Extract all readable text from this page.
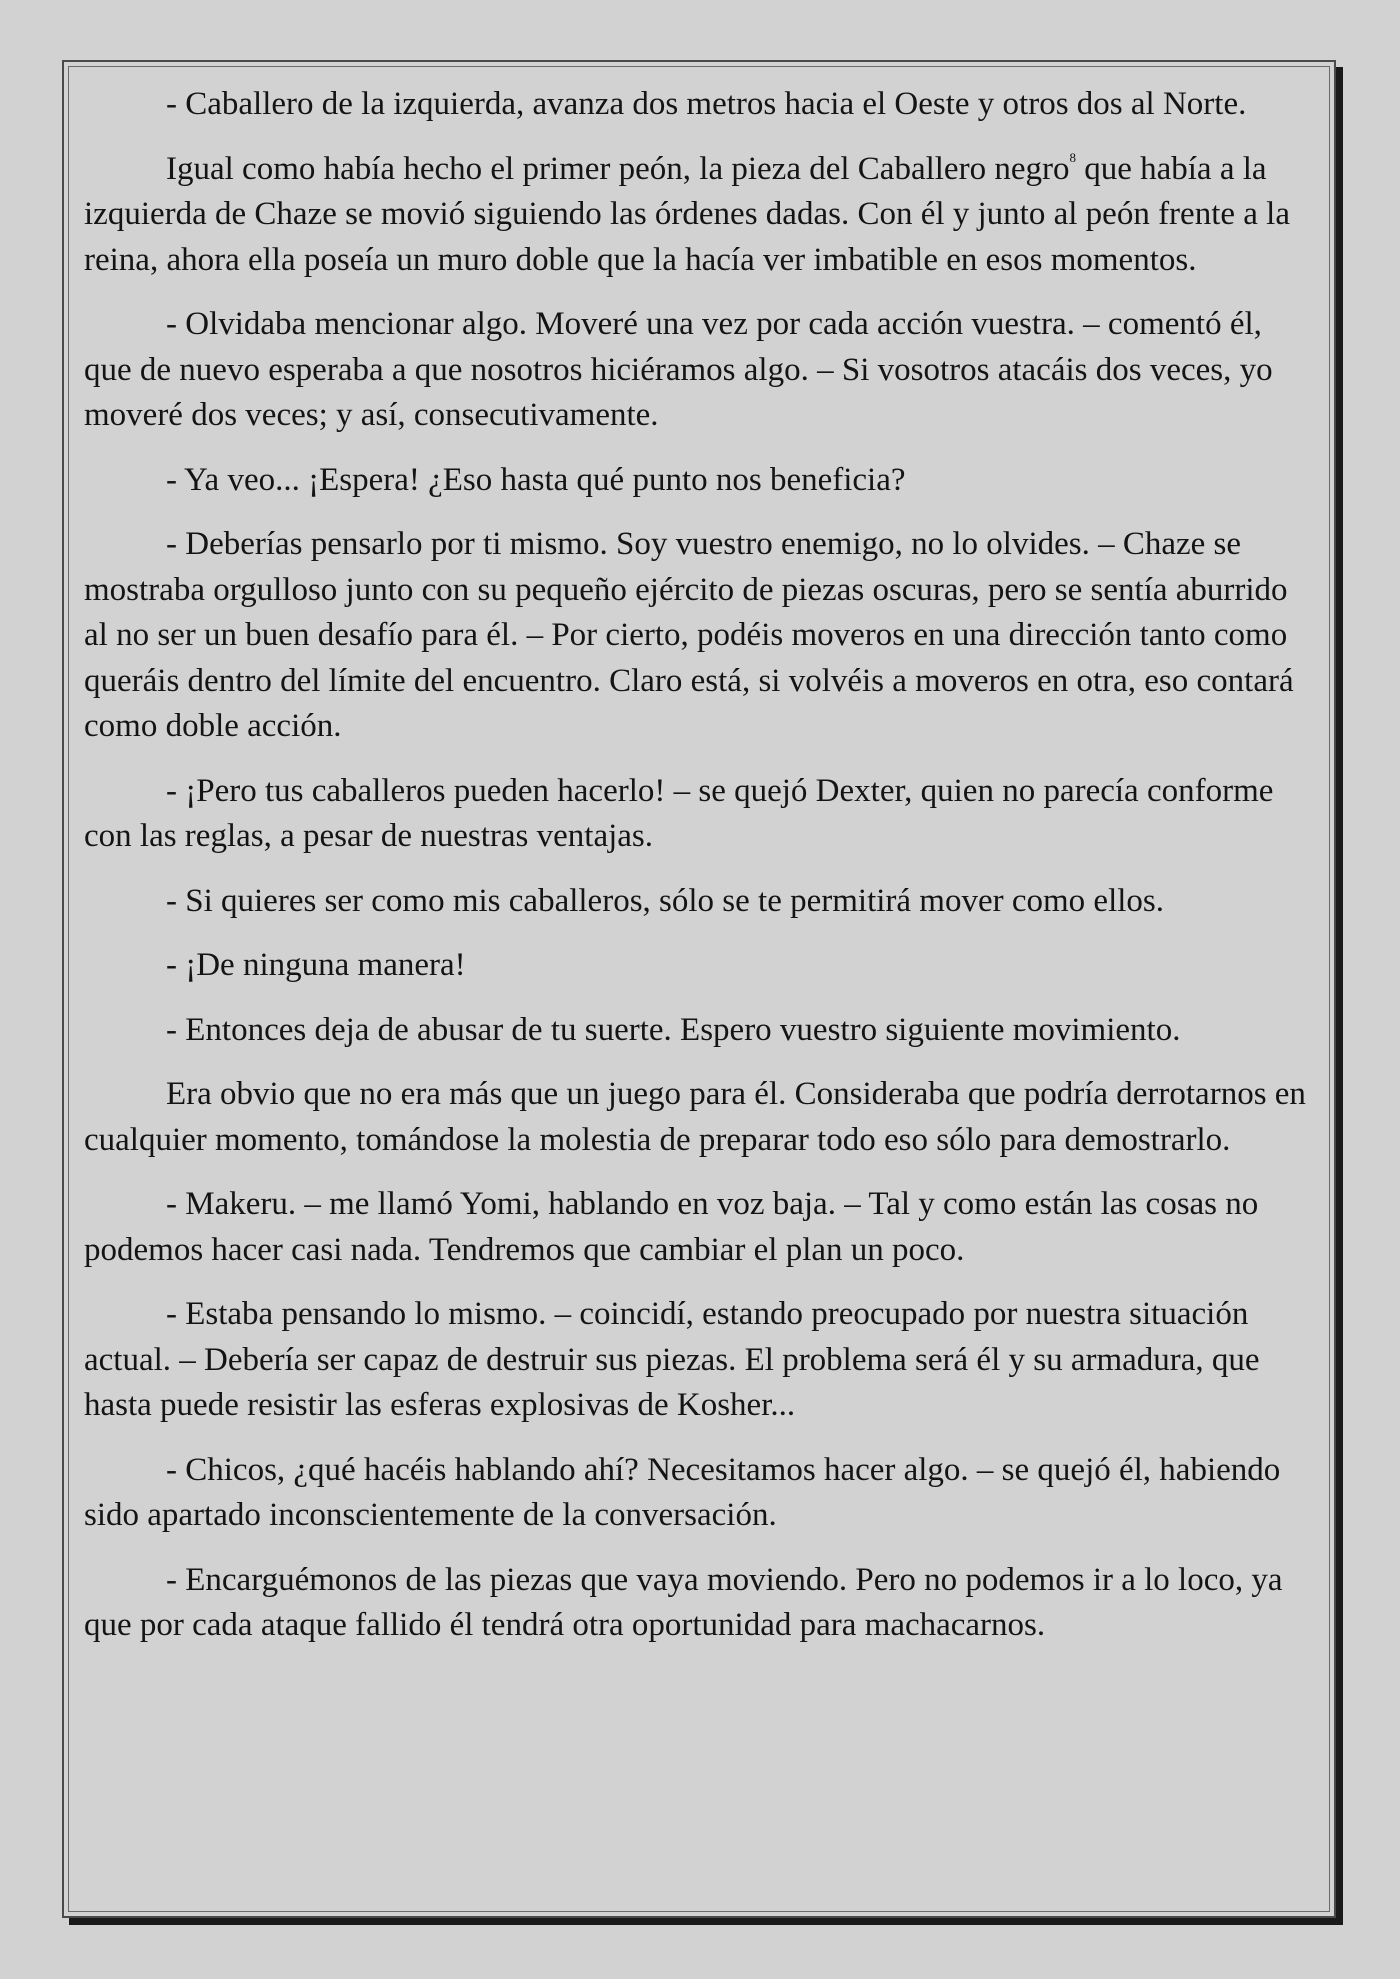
- Caballero de la izquierda, avanza dos metros hacia el Oeste y otros dos al Norte.

Igual como había hecho el primer peón, la pieza del Caballero negro$^8$ que había a la izquierda de Chaze se movió siguiendo las órdenes dadas. Con él y junto al peón frente a la reina, ahora ella poseía un muro doble que la hacía ver imbatible en esos momentos.

- Olvidaba mencionar algo. Moveré una vez por cada acción vuestra. – comentó él, que de nuevo esperaba a que nosotros hiciéramos algo. – Si vosotros atacáis dos veces, yo moveré dos veces; y así, consecutivamente.

- Ya veo... ¡Espera! ¿Eso hasta qué punto nos beneficia?

- Deberías pensarlo por ti mismo. Soy vuestro enemigo, no lo olvides. – Chaze se mostraba orgulloso junto con su pequeño ejército de piezas oscuras, pero se sentía aburrido al no ser un buen desafío para él. – Por cierto, podéis moveros en una dirección tanto como queráis dentro del límite del encuentro. Claro está, si volvéis a moveros en otra, eso contará como doble acción.

- ¡Pero tus caballeros pueden hacerlo! – se quejó Dexter, quien no parecía conforme con las reglas, a pesar de nuestras ventajas.

- Si quieres ser como mis caballeros, sólo se te permitirá mover como ellos.

- ¡De ninguna manera!

- Entonces deja de abusar de tu suerte. Espero vuestro siguiente movimiento.

Era obvio que no era más que un juego para él. Consideraba que podría derrotarnos en cualquier momento, tomándose la molestia de preparar todo eso sólo para demostrarlo.

- Makeru. – me llamó Yomi, hablando en voz baja. – Tal y como están las cosas no podemos hacer casi nada. Tendremos que cambiar el plan un poco.

- Estaba pensando lo mismo. – coincidí, estando preocupado por nuestra situación actual. – Debería ser capaz de destruir sus piezas. El problema será él y su armadura, que hasta puede resistir las esferas explosivas de Kosher...

- Chicos, ¿qué hacéis hablando ahí? Necesitamos hacer algo. – se quejó él, habiendo sido apartado inconscientemente de la conversación.

- Encarguémonos de las piezas que vaya moviendo. Pero no podemos ir a lo loco, ya que por cada ataque fallido él tendrá otra oportunidad para machacarnos.
